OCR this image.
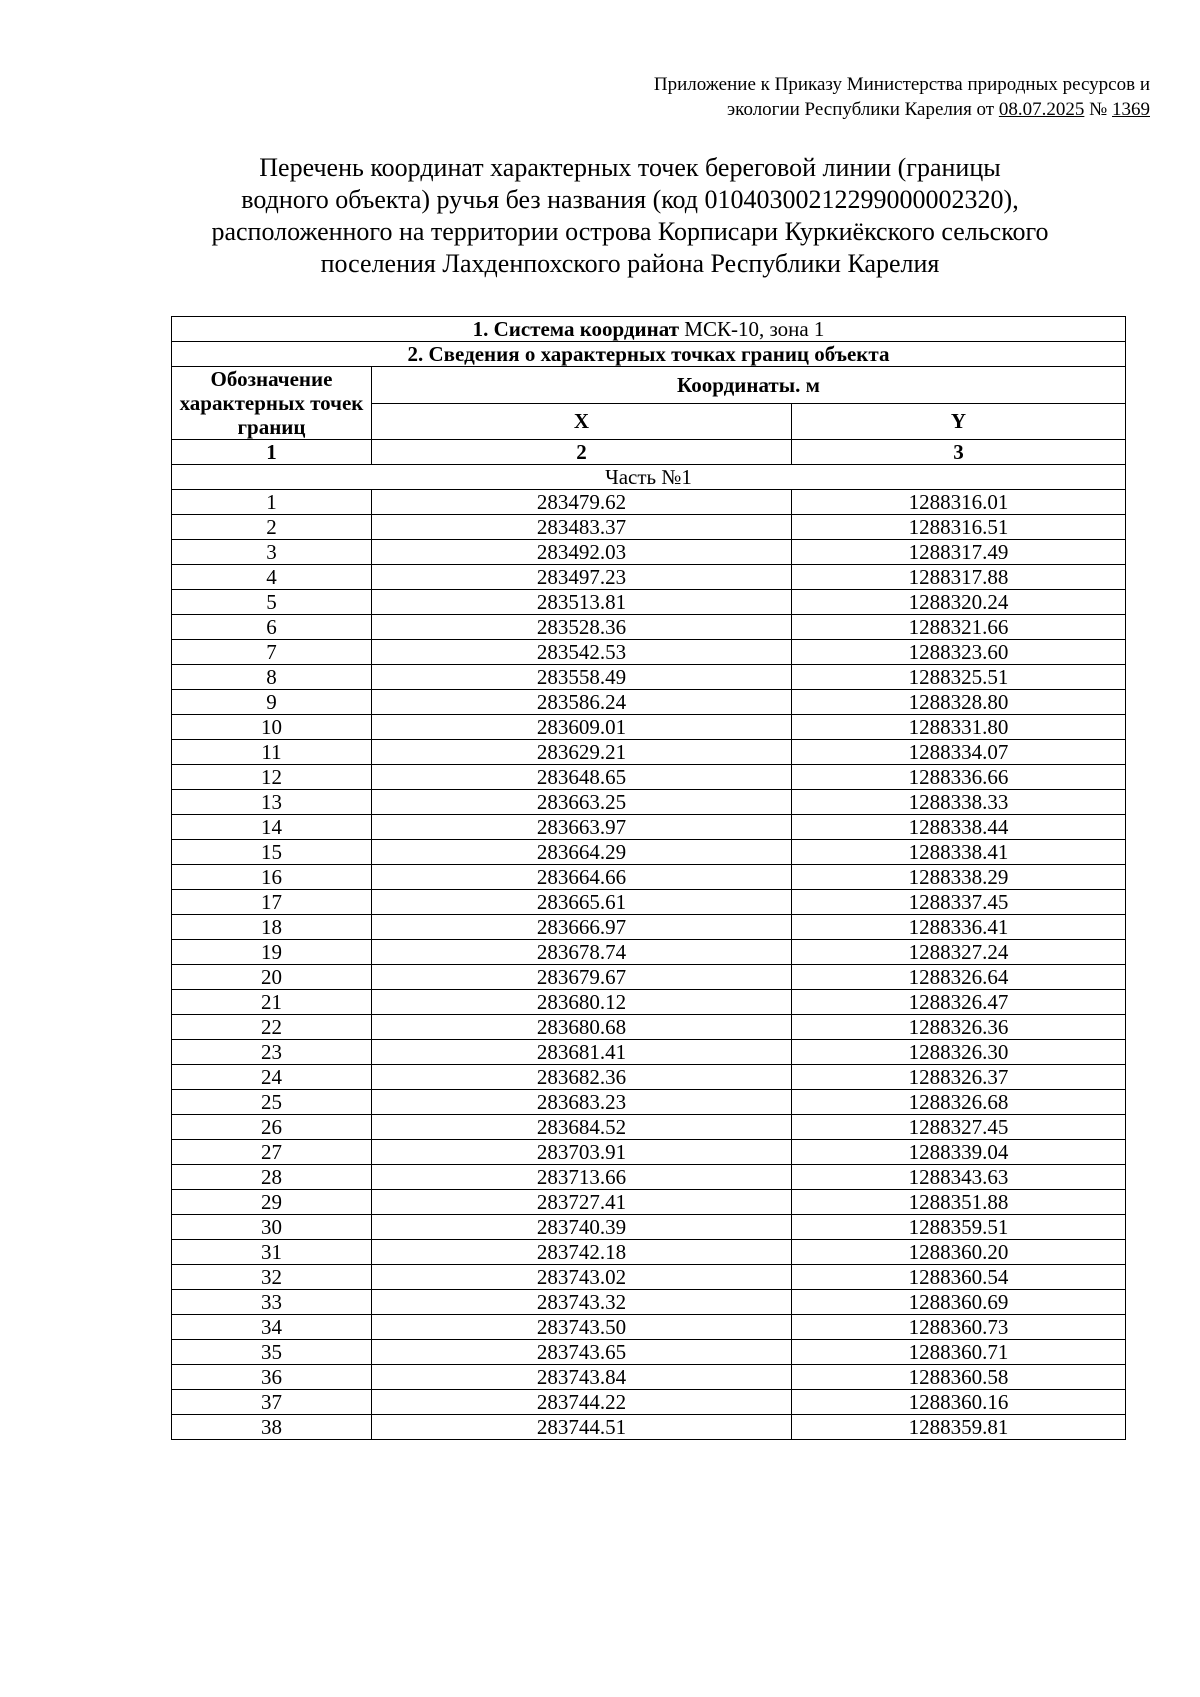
Приложение к Приказу Министерства природных ресурсов и
экологии Республики Карелия от 08.07.2025 № 1369
Перечень координат характерных точек береговой линии (границы
водного объекта) ручья без названия (код 01040300212299000002320),
расположенного на территории острова Корписари Куркиёкского сельского
поселения Лахденпохского района Республики Карелия
1. Система координат МСК-10, зона 1		
2. Сведения о характерных точках границ объекта		
Обозначение характерных точек границ	Координаты. м	
	X	Y
1	2	3
Часть №1		
1	283479.62	1288316.01
2	283483.37	1288316.51
3	283492.03	1288317.49
4	283497.23	1288317.88
5	283513.81	1288320.24
6	283528.36	1288321.66
7	283542.53	1288323.60
8	283558.49	1288325.51
9	283586.24	1288328.80
10	283609.01	1288331.80
11	283629.21	1288334.07
12	283648.65	1288336.66
13	283663.25	1288338.33
14	283663.97	1288338.44
15	283664.29	1288338.41
16	283664.66	1288338.29
17	283665.61	1288337.45
18	283666.97	1288336.41
19	283678.74	1288327.24
20	283679.67	1288326.64
21	283680.12	1288326.47
22	283680.68	1288326.36
23	283681.41	1288326.30
24	283682.36	1288326.37
25	283683.23	1288326.68
26	283684.52	1288327.45
27	283703.91	1288339.04
28	283713.66	1288343.63
29	283727.41	1288351.88
30	283740.39	1288359.51
31	283742.18	1288360.20
32	283743.02	1288360.54
33	283743.32	1288360.69
34	283743.50	1288360.73
35	283743.65	1288360.71
36	283743.84	1288360.58
37	283744.22	1288360.16
38	283744.51	1288359.81
